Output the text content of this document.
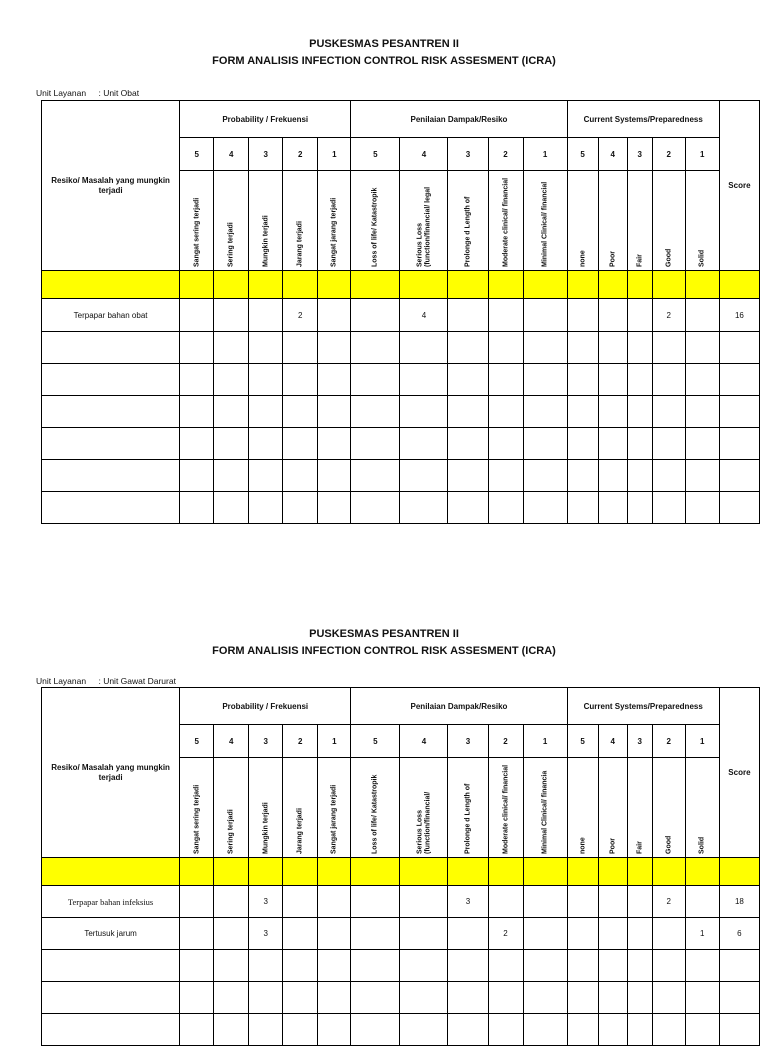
PUSKESMAS PESANTREN II
FORM ANALISIS INFECTION CONTROL RISK ASSESMENT (ICRA)
Unit Layanan : Unit Obat
Resiko/ Masalah yang mungkin terjadi	Probability / Frekuensi					Penilaian Dampak/Resiko					Current Systems/Preparedness					Score
	5	4	3	2	1	5	4	3	2	1	5	4	3	2	1	

	Sangat sering terjadi	Sering terjadi	Mungkin terjadi	Jarang terjadi	Sangat jarang terjadi	Loss of life/ Katastropik	Serious Loss (function/financial/ legal	Prolonge d Length of	Moderate clinical/ financial	Minimal Clinical/ financial	none	Poor	Fair	Good	Solid	

Terpapar bahan obat				2			4							2		16

PUSKESMAS PESANTREN II
FORM ANALISIS INFECTION CONTROL RISK ASSESMENT (ICRA)
Unit Layanan : Unit Gawat Darurat
Resiko/ Masalah yang mungkin terjadi	Probability / Frekuensi					Penilaian Dampak/Resiko					Current Systems/Preparedness					Score
	5	4	3	2	1	5	4	3	2	1	5	4	3	2	1	

	Sangat sering terjadi	Sering terjadi	Mungkin terjadi	Jarang terjadi	Sangat jarang terjadi	Loss of life/ Katastropik	Serious Loss (function/financial/	Prolonge d Length of	Moderate clinical/ financial	Minimal Clinical/ financia	none	Poor	Fair	Good	Solid	

Terpapar bahan infeksius			3					3						2		18
Tertusuk jarum			3						2						1	6
